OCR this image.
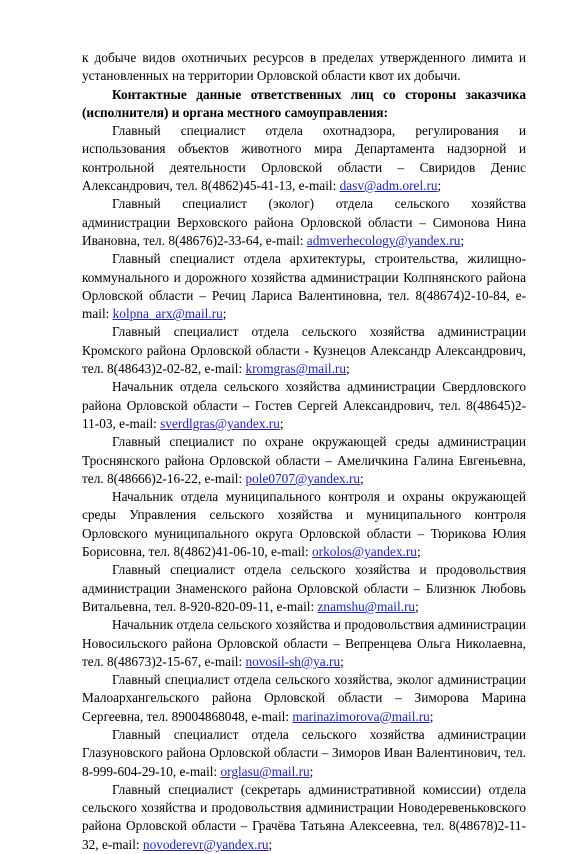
к добыче видов охотничьих ресурсов в пределах утвержденного лимита и установленных на территории Орловской области квот их добычи.

Контактные данные ответственных лиц со стороны заказчика (исполнителя) и органа местного самоуправления:

Главный специалист отдела охотнадзора, регулирования и использования объектов животного мира Департамента надзорной и контрольной деятельности Орловской области – Свиридов Денис Александрович, тел. 8(4862)45-41-13, e-mail: dasv@adm.orel.ru;

Главный специалист (эколог) отдела сельского хозяйства администрации Верховского района Орловской области – Симонова Нина Ивановна, тел. 8(48676)2-33-64, e-mail: admverhecology@yandex.ru;

Главный специалист отдела архитектуры, строительства, жилищно-коммунального и дорожного хозяйства администрации Колпнянского района Орловской области – Речиц Лариса Валентиновна, тел. 8(48674)2-10-84, e-mail: kolpna_arx@mail.ru;

Главный специалист отдела сельского хозяйства администрации Кромского района Орловской области - Кузнецов Александр Александрович, тел. 8(48643)2-02-82, e-mail: kromgras@mail.ru;

Начальник отдела сельского хозяйства администрации Свердловского района Орловской области – Гостев Сергей Александрович, тел. 8(48645)2-11-03, e-mail: sverdlgras@yandex.ru;

Главный специалист по охране окружающей среды администрации Троснянского района Орловской области – Амеличкина Галина Евгеньевна, тел. 8(48666)2-16-22, e-mail: pole0707@yandex.ru;

Начальник отдела муниципального контроля и охраны окружающей среды Управления сельского хозяйства и муниципального контроля Орловского муниципального округа Орловской области – Тюрикова Юлия Борисовна, тел. 8(4862)41-06-10, e-mail: orkolos@yandex.ru;

Главный специалист отдела сельского хозяйства и продовольствия администрации Знаменского района Орловской области – Близнюк Любовь Витальевна, тел. 8-920-820-09-11, e-mail: znamshu@mail.ru;

Начальник отдела сельского хозяйства и продовольствия администрации Новосильского района Орловской области – Вепренцева Ольга Николаевна, тел. 8(48673)2-15-67, e-mail: novosil-sh@ya.ru;

Главный специалист отдела сельского хозяйства, эколог администрации Малоархангельского района Орловской области – Зиморова Марина Сергеевна, тел. 89004868048, e-mail: marinazimorova@mail.ru;

Главный специалист отдела сельского хозяйства администрации Глазуновского района Орловской области – Зиморов Иван Валентинович, тел. 8-999-604-29-10, e-mail: orglasu@mail.ru;

Главный специалист (секретарь административной комиссии) отдела сельского хозяйства и продовольствия администрации Новодеревеньковского района Орловской области – Грачёва Татьяна Алексеевна, тел. 8(48678)2-11-32, e-mail: novoderevr@yandex.ru;
